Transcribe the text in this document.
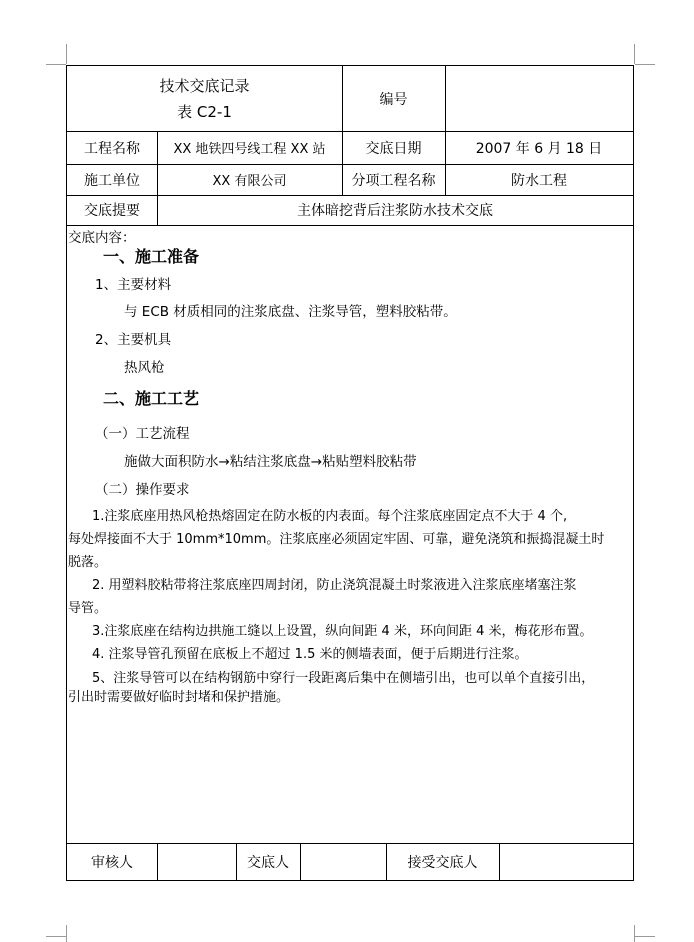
技术交底记录
表 C2-1
编号
工程名称	XX 地铁四号线工程 XX 站	交底日期	2007 年 6 月 18 日
施工单位	XX 有限公司	分项工程名称	防水工程
交底提要	主体暗挖背后注浆防水技术交底
交底内容：
一、施工准备
1、主要材料
与 ECB 材质相同的注浆底盘、注浆导管，塑料胶粘带。
2、主要机具
热风枪
二、施工工艺
（一）工艺流程
施做大面积防水→粘结注浆底盘→粘贴塑料胶粘带
（二）操作要求
1.注浆底座用热风枪热熔固定在防水板的内表面。每个注浆底座固定点不大于 4 个,
每处焊接面不大于 10mm*10mm。注浆底座必须固定牢固、可靠，避免浇筑和振捣混凝土时
脱落。
2. 用塑料胶粘带将注浆底座四周封闭，防止浇筑混凝土时浆液进入注浆底座堵塞注浆
导管。
3.注浆底座在结构边拱施工缝以上设置，纵向间距 4 米，环向间距 4 米，梅花形布置。
4. 注浆导管孔预留在底板上不超过 1.5 米的侧墙表面，便于后期进行注浆。
5、注浆导管可以在结构钢筋中穿行一段距离后集中在侧墙引出，也可以单个直接引出，
引出时需要做好临时封堵和保护措施。
审核人	交底人	接受交底人
